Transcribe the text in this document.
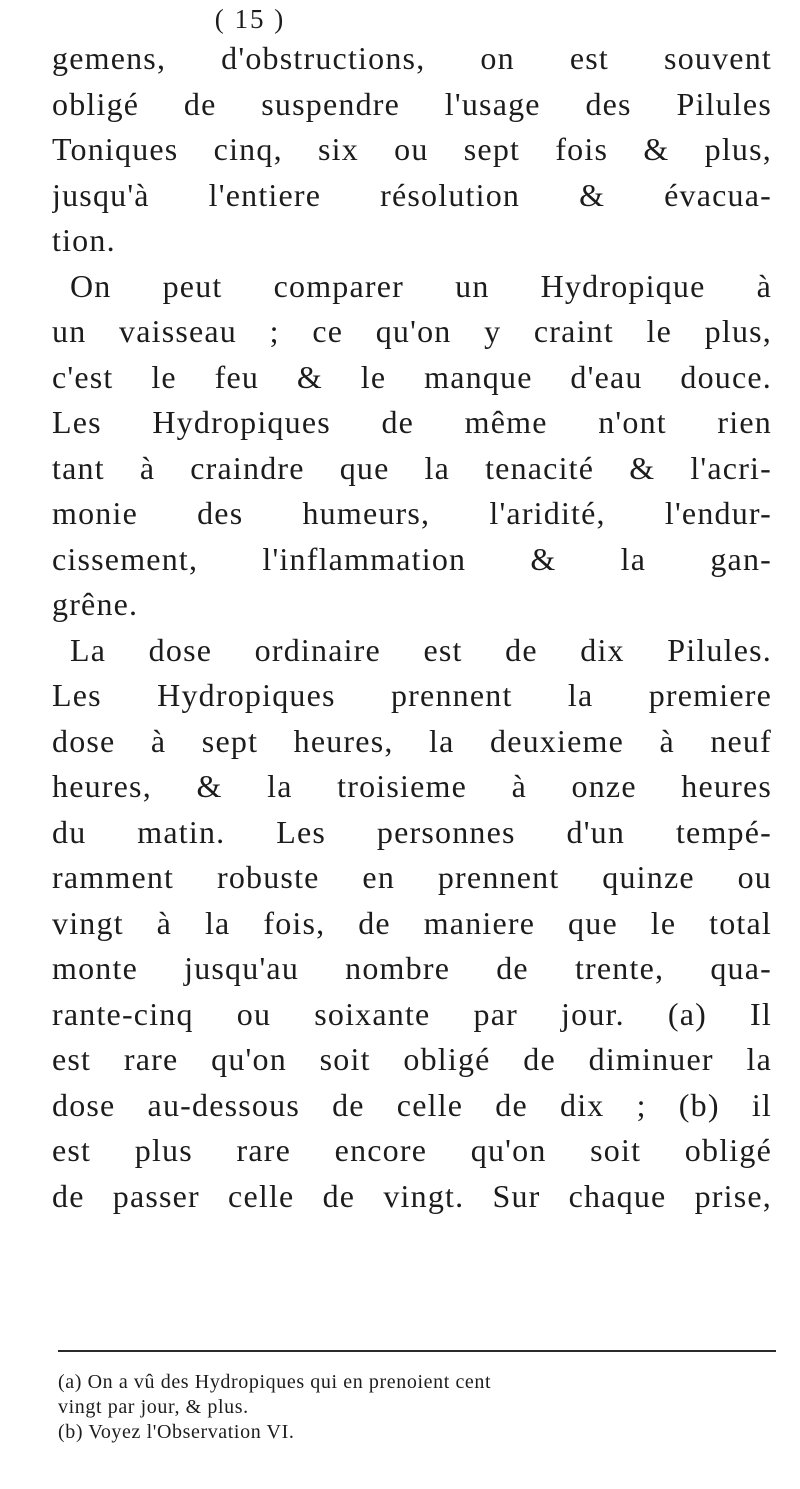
( 15 )
gemens, d'obstructions, on est souvent
obligé de suspendre l'usage des Pilules
Toniques cinq, six ou sept fois & plus,
jusqu'à l'entiere résolution & évacua-
tion.
On peut comparer un Hydropique à
un vaisseau ; ce qu'on y craint le plus,
c'est le feu & le manque d'eau douce.
Les Hydropiques de même n'ont rien
tant à craindre que la tenacité & l'acri-
monie des humeurs, l'aridité, l'endur-
cissement, l'inflammation & la gan-
grêne.
La dose ordinaire est de dix Pilules.
Les Hydropiques prennent la premiere
dose à sept heures, la deuxieme à neuf
heures, & la troisieme à onze heures
du matin. Les personnes d'un tempé-
ramment robuste en prennent quinze ou
vingt à la fois, de maniere que le total
monte jusqu'au nombre de trente, qua-
rante-cinq ou soixante par jour. (a) Il
est rare qu'on soit obligé de diminuer la
dose au-dessous de celle de dix ; (b) il
est plus rare encore qu'on soit obligé
de passer celle de vingt. Sur chaque prise,
(a) On a vû des Hydropiques qui en prenoient cent
vingt par jour, & plus.
(b) Voyez l'Observation VI.
